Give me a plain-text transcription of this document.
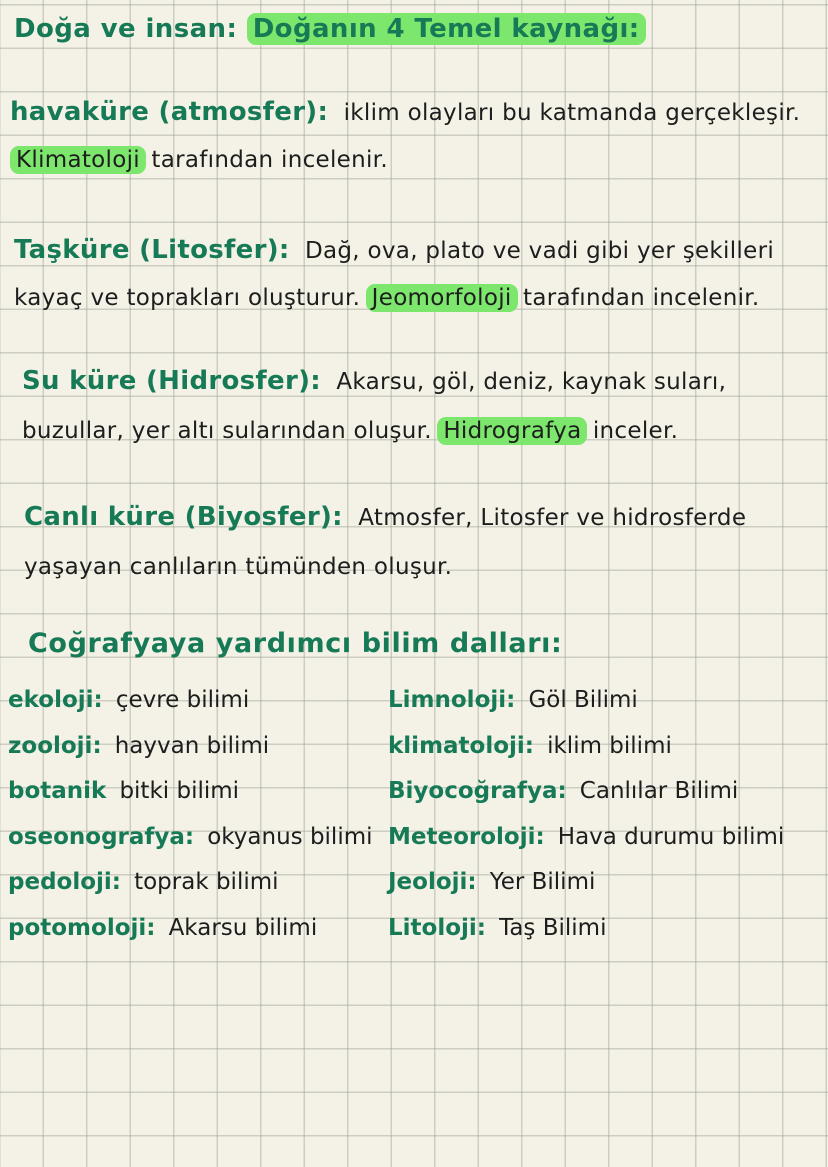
Doğa ve insan: Doğanın 4 Temel kaynağı:
havaküre (atmosfer): iklim olayları bu katmanda gerçekleşir.
Klimatoloji tarafından incelenir.
Taşküre (Litosfer): Dağ, ova, plato ve vadi gibi yer şekilleri
kayaç ve toprakları oluşturur. Jeomorfoloji tarafından incelenir.
Su küre (Hidrosfer): Akarsu, göl, deniz, kaynak suları,
buzullar, yer altı sularından oluşur. Hidrografya inceler.
Canlı küre (Biyosfer): Atmosfer, Litosfer ve hidrosferde
yaşayan canlıların tümünden oluşur.
Coğrafyaya yardımcı bilim dalları:
ekoloji: çevre bilimi
zooloji: hayvan bilimi
botanik bitki bilimi
oseonografya: okyanus bilimi
pedoloji: toprak bilimi
potomoloji: Akarsu bilimi
Limnoloji: Göl Bilimi
klimatoloji: iklim bilimi
Biyocoğrafya: Canlılar Bilimi
Meteoroloji: Hava durumu bilimi
Jeoloji: Yer Bilimi
Litoloji: Taş Bilimi
